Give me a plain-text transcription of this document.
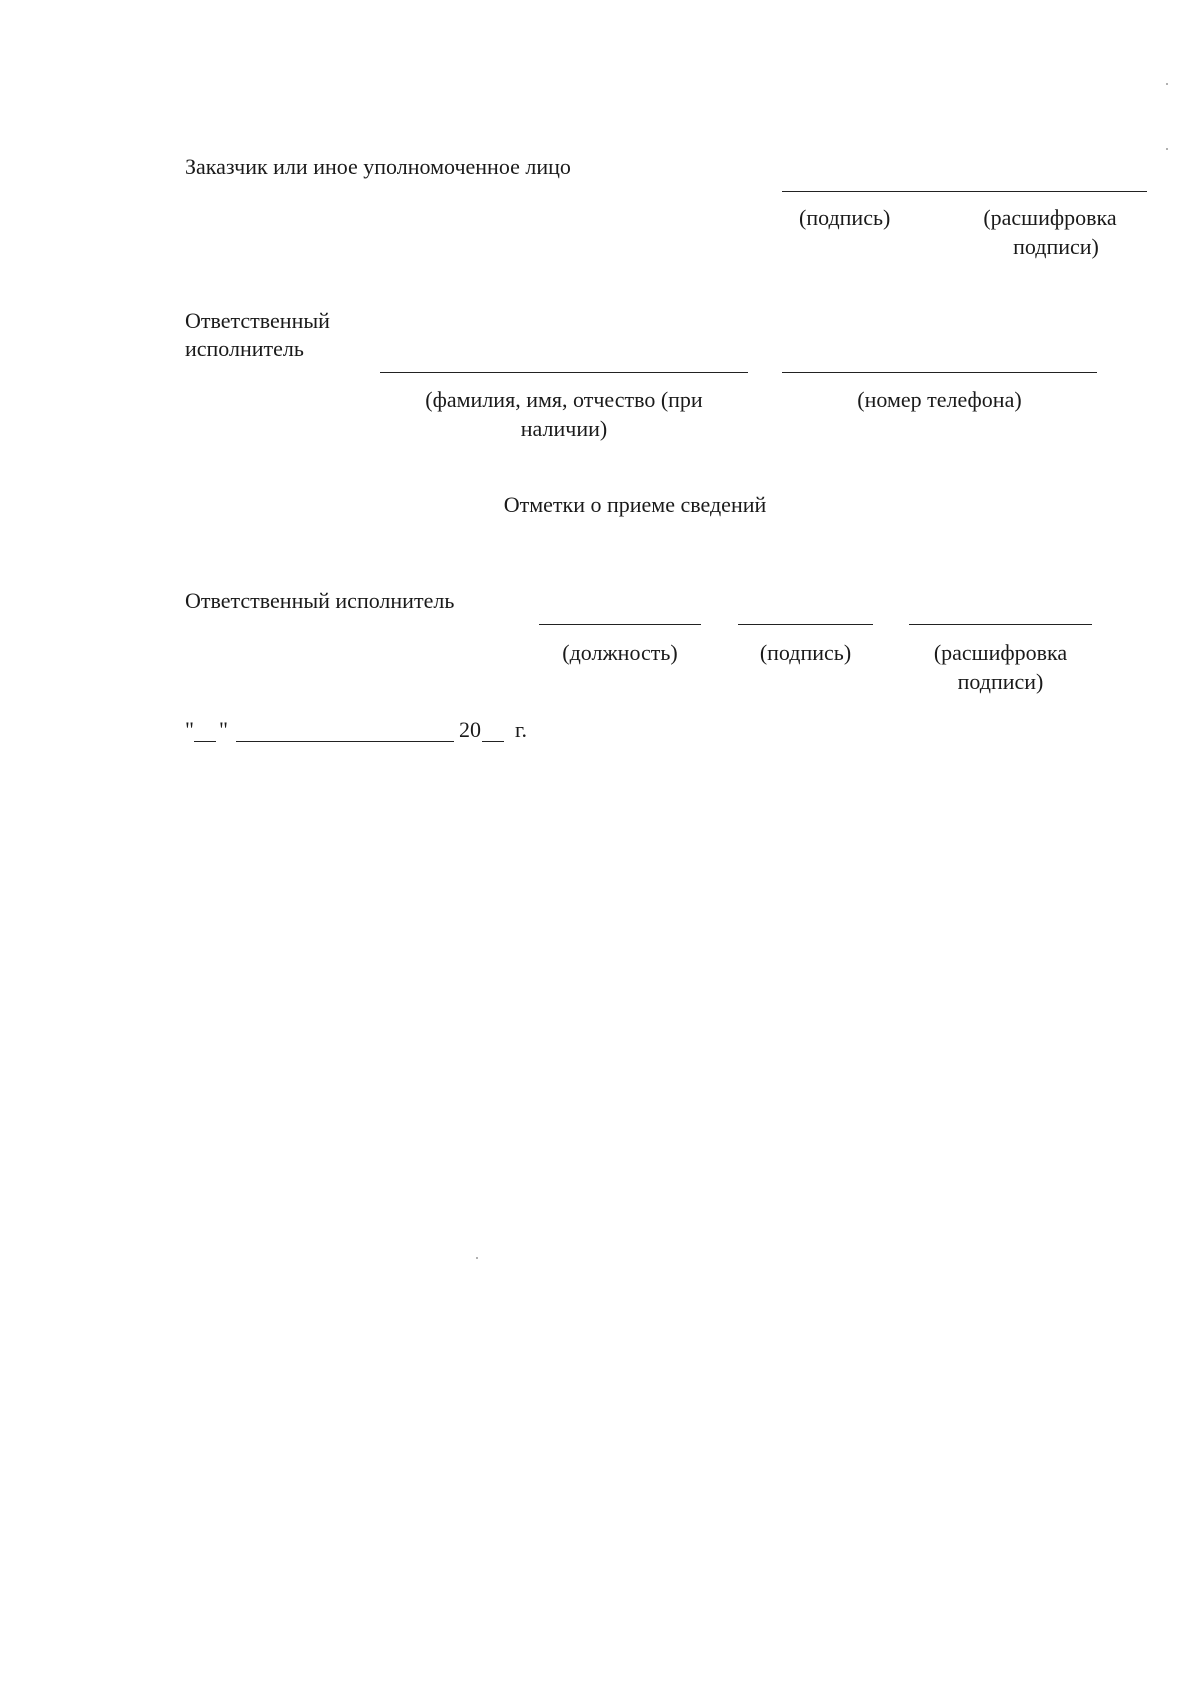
Заказчик или иное уполномоченное лицо
(подпись)	(расшифровка
подписи)
Ответственный
исполнитель
(фамилия, имя, отчество (при
наличии)
(номер телефона)
Отметки о приеме сведений
Ответственный исполнитель
(должность)	(подпись)	(расшифровка
подписи)
" "	20 г.
